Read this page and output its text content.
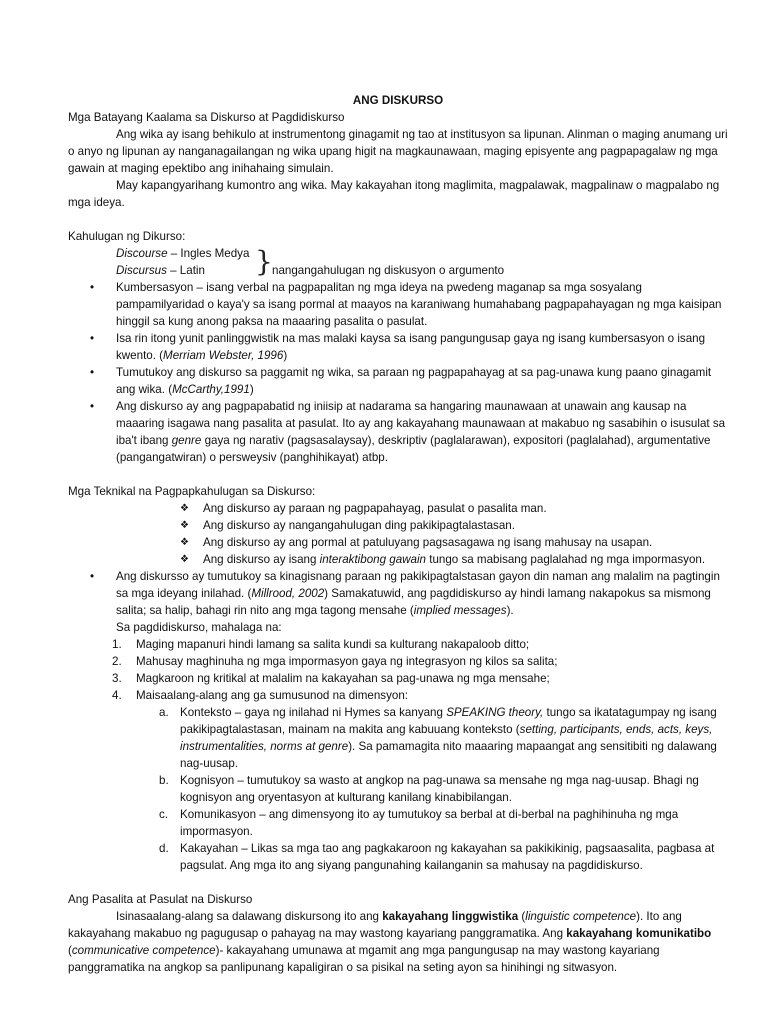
ANG DISKURSO

Mga Batayang Kaalama sa Diskurso at Pagdidiskurso

Ang wika ay isang behikulo at instrumentong ginagamit ng tao at institusyon sa lipunan. Alinman o maging anumang uri o anyo ng lipunan ay nanganagailangan ng wika upang higit na magkaunawaan, maging episyente ang pagpapagalaw ng mga gawain at maging epektibo ang inihahaing simulain.

May kapangyarihang kumontro ang wika. May kakayahan itong maglimita, magpalawak, magpalinaw o magpalabo ng mga ideya.

Kahulugan ng Dikurso:

Discourse – Ingles Medya

Discursus – Latin	} nangangahulugan ng diskusyon o argumento
• Kumbersasyon – isang verbal na pagpapalitan ng mga ideya na pwedeng maganap sa mga sosyalang pampamilyaridad o kaya'y sa isang pormal at maayos na karaniwang humahabang pagpapahayagan ng mga kaisipan hinggil sa kung anong paksa na maaaring pasalita o pasulat.
• Isa rin itong yunit panlinggwistik na mas malaki kaysa sa isang pangungusap gaya ng isang kumbersasyon o isang kwento. (Merriam Webster, 1996)
• Tumutukoy ang diskurso sa paggamit ng wika, sa paraan ng pagpapahayag at sa pag-unawa kung paano ginagamit ang wika. (McCarthy,1991)
• Ang diskurso ay ang pagpapabatid ng iniisip at nadarama sa hangaring maunawaan at unawain ang kausap na maaaring isagawa nang pasalita at pasulat. Ito ay ang kakayahang maunawaan at makabuo ng sasabihin o isusulat sa iba't ibang genre gaya ng narativ (pagsasalaysay), deskriptiv (paglalarawan), expositori (paglalahad), argumentative (pangangatwiran) o persweysiv (panghihikayat) atbp.

Mga Teknikal na Pagpapkahulugan sa Diskurso:

❖ Ang diskurso ay paraan ng pagpapahayag, pasulat o pasalita man.
❖ Ang diskurso ay nangangahulugan ding pakikipagtalastasan.
❖ Ang diskurso ay ang pormal at patuluyang pagsasagawa ng isang mahusay na usapan.
❖ Ang diskurso ay isang interaktibong gawain tungo sa mabisang paglalahad ng mga impormasyon.
• Ang diskursso ay tumutukoy sa kinagisnang paraan ng pakikipagtalstasan gayon din naman ang malalim na pagtingin sa mga ideyang inilahad. (Millrood, 2002) Samakatuwid, ang pagdidiskurso ay hindi lamang nakapokus sa mismong salita; sa halip, bahagi rin nito ang mga tagong mensahe (implied messages).

Sa pagdidiskurso, mahalaga na:

1. Maging mapanuri hindi lamang sa salita kundi sa kulturang nakapaloob ditto;
2. Mahusay maghinuha ng mga impormasyon gaya ng integrasyon ng kilos sa salita;
3. Magkaroon ng kritikal at malalim na kakayahan sa pag-unawa ng mga mensahe;
4. Maisaalang-alang ang ga sumusunod na dimensyon:
a. Konteksto – gaya ng inilahad ni Hymes sa kanyang SPEAKING theory, tungo sa ikatatagumpay ng isang pakikipagtalastasan, mainam na makita ang kabuuang konteksto (setting, participants, ends, acts, keys, instrumentalities, norms at genre). Sa pamamagita nito maaaring mapaangat ang sensitibiti ng dalawang nag-uusap.
b. Kognisyon – tumutukoy sa wasto at angkop na pag-unawa sa mensahe ng mga nag-uusap. Bhagi ng kognisyon ang oryentasyon at kulturang kanilang kinabibilangan.
c. Komunikasyon – ang dimensyong ito ay tumutukoy sa berbal at di-berbal na paghihinuha ng mga impormasyon.
d. Kakayahan – Likas sa mga tao ang pagkakaroon ng kakayahan sa pakikikinig, pagsaasalita, pagbasa at pagsulat. Ang mga ito ang siyang pangunahing kailanganin sa mahusay na pagdidiskurso.

Ang Pasalita at Pasulat na Diskurso

Isinasaalang-alang sa dalawang diskursong ito ang kakayahang linggwistika (linguistic competence). Ito ang kakayahang makabuo ng pagugusap o pahayag na may wastong kayariang panggramatika. Ang kakayahang komunikatibo (communicative competence)- kakayahang umunawa at mgamit ang mga pangungusap na may wastong kayariang panggramatika na angkop sa panlipunang kapaligiran o sa pisikal na seting ayon sa hinihingi ng sitwasyon.
